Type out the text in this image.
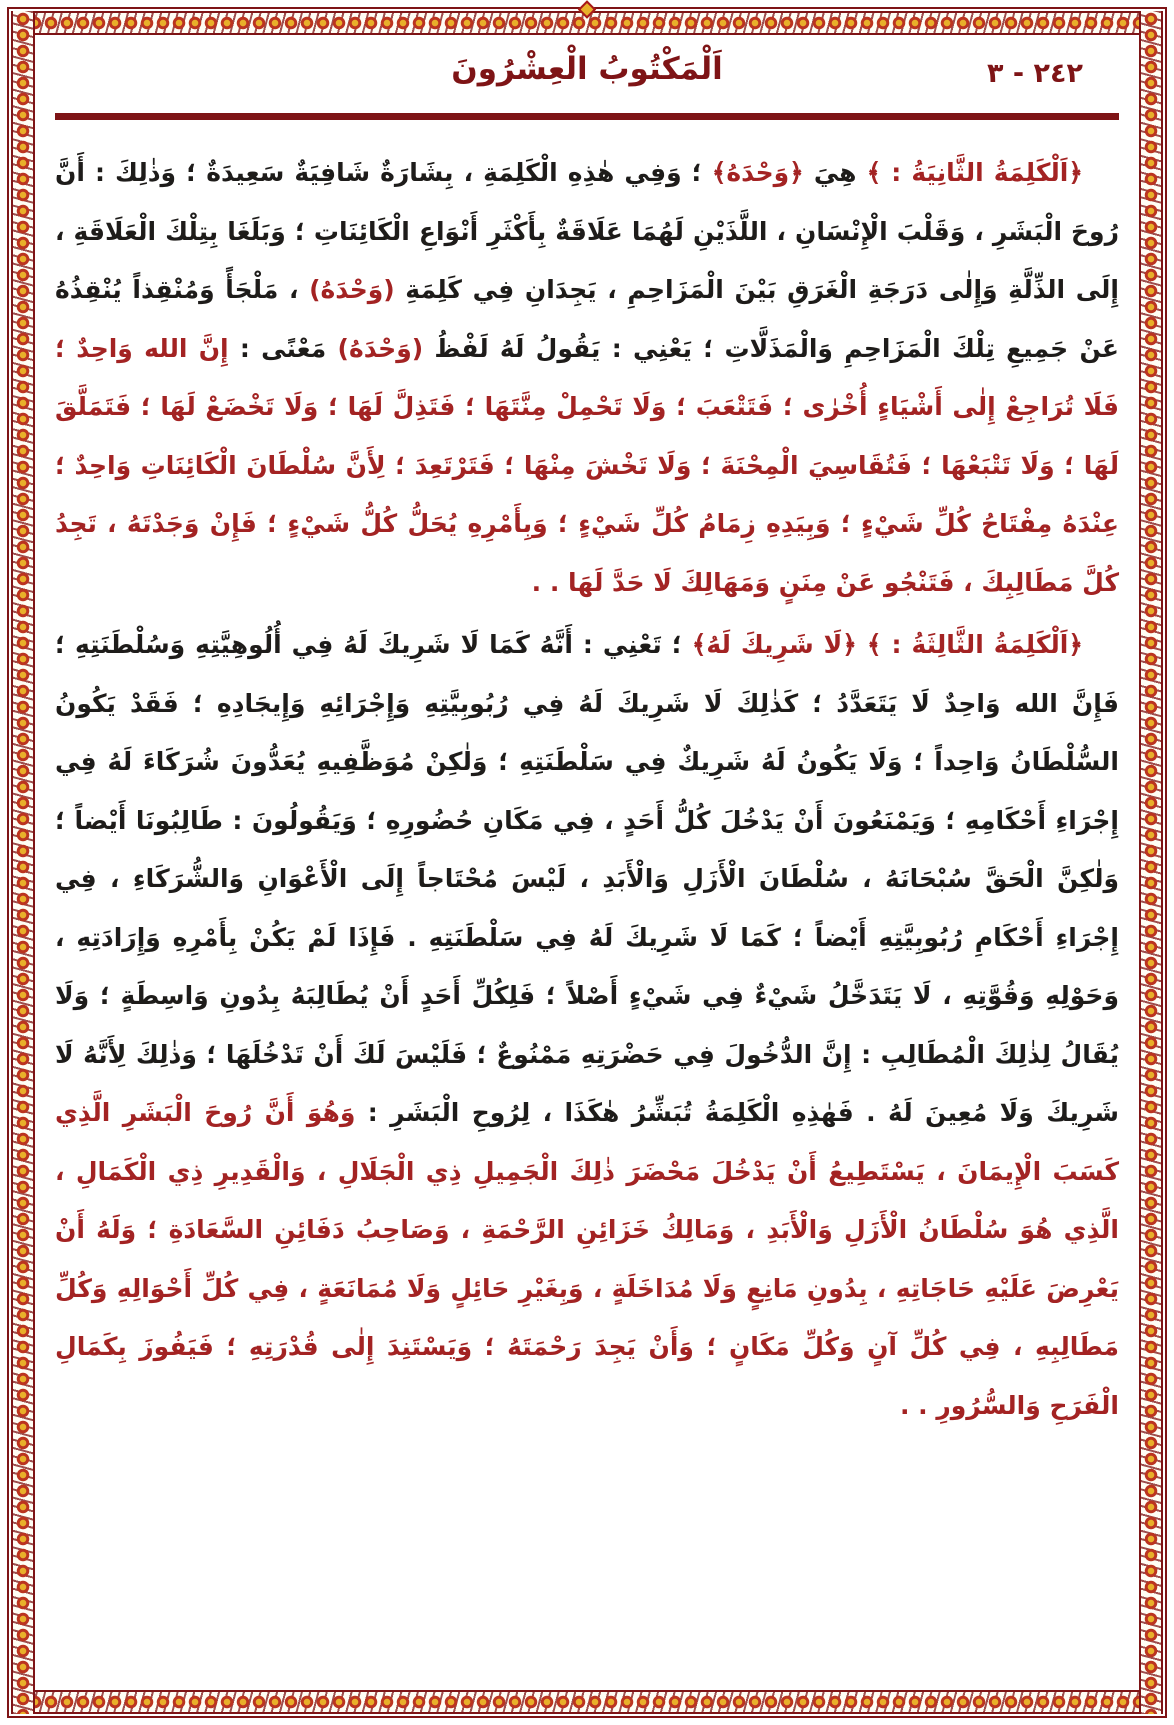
اَلْمَكْتُوبُ الْعِشْرُونَ	٢٤٢ - ٣

﴿اَلْكَلِمَةُ الثَّانِيَةُ : ﴾ هِيَ ﴿وَحْدَهُ﴾ ؛ وَفِي هٰذِهِ الْكَلِمَةِ ، بِشَارَةٌ شَافِيَةٌ سَعِيدَةٌ ؛ وَذٰلِكَ : أَنَّ رُوحَ الْبَشَرِ ، وَقَلْبَ الْإِنْسَانِ ، اللَّذَيْنِ لَهُمَا عَلَاقَةٌ بِأَكْثَرِ أَنْوَاعِ الْكَائِنَاتِ ؛ وَبَلَغَا بِتِلْكَ الْعَلَاقَةِ ، إِلَى الذِّلَّةِ وَإِلٰى دَرَجَةِ الْغَرَقِ بَيْنَ الْمَزَاحِمِ ، يَجِدَانِ فِي كَلِمَةِ (وَحْدَهُ) ، مَلْجَأً وَمُنْقِذاً يُنْقِذُهُ عَنْ جَمِيعِ تِلْكَ الْمَزَاحِمِ وَالْمَذَلَّاتِ ؛ يَعْنِي : يَقُولُ لَهُ لَفْظُ (وَحْدَهُ) مَعْنًى : إِنَّ الله وَاحِدٌ ؛ فَلَا تُرَاجِعْ إِلٰى أَشْيَاءٍ أُخْرٰى ؛ فَتَتْعَبَ ؛ وَلَا تَحْمِلْ مِنَّتَهَا ؛ فَتَذِلَّ لَهَا ؛ وَلَا تَخْضَعْ لَهَا ؛ فَتَمَلَّقَ لَهَا ؛ وَلَا تَتْبَعْهَا ؛ فَتُقَاسِيَ الْمِحْنَةَ ؛ وَلَا تَخْشَ مِنْهَا ؛ فَتَرْتَعِدَ ؛ لِأَنَّ سُلْطَانَ الْكَائِنَاتِ وَاحِدٌ ؛ عِنْدَهُ مِفْتَاحُ كُلِّ شَيْءٍ ؛ وَبِيَدِهِ زِمَامُ كُلِّ شَيْءٍ ؛ وَبِأَمْرِهِ يُحَلُّ كُلُّ شَيْءٍ ؛ فَإِنْ وَجَدْتَهُ ، تَجِدُ كُلَّ مَطَالِبِكَ ، فَتَنْجُو عَنْ مِنَنٍ وَمَهَالِكَ لَا حَدَّ لَهَا . .

﴿اَلْكَلِمَةُ الثَّالِثَةُ : ﴾ ﴿لَا شَرِيكَ لَهُ﴾ ؛ تَعْنِي : أَنَّهُ كَمَا لَا شَرِيكَ لَهُ فِي أُلُوهِيَّتِهِ وَسُلْطَنَتِهِ ؛ فَإِنَّ الله وَاحِدٌ لَا يَتَعَدَّدُ ؛ كَذٰلِكَ لَا شَرِيكَ لَهُ فِي رُبُوبِيَّتِهِ وَإِجْرَائِهِ وَإِيجَادِهِ ؛ فَقَدْ يَكُونُ السُّلْطَانُ وَاحِداً ؛ وَلَا يَكُونُ لَهُ شَرِيكٌ فِي سَلْطَنَتِهِ ؛ وَلٰكِنْ مُوَظَّفِيهِ يُعَدُّونَ شُرَكَاءَ لَهُ فِي إِجْرَاءِ أَحْكَامِهِ ؛ وَيَمْنَعُونَ أَنْ يَدْخُلَ كُلُّ أَحَدٍ ، فِي مَكَانِ حُضُورِهِ ؛ وَيَقُولُونَ : طَالِبُونَا أَيْضاً ؛ وَلٰكِنَّ الْحَقَّ سُبْحَانَهُ ، سُلْطَانَ الْأَزَلِ وَالْأَبَدِ ، لَيْسَ مُحْتَاجاً إِلَى الْأَعْوَانِ وَالشُّرَكَاءِ ، فِي إِجْرَاءِ أَحْكَامِ رُبُوبِيَّتِهِ أَيْضاً ؛ كَمَا لَا شَرِيكَ لَهُ فِي سَلْطَنَتِهِ . فَإِذَا لَمْ يَكُنْ بِأَمْرِهِ وَإِرَادَتِهِ ، وَحَوْلِهِ وَقُوَّتِهِ ، لَا يَتَدَخَّلُ شَيْءٌ فِي شَيْءٍ أَصْلاً ؛ فَلِكُلِّ أَحَدٍ أَنْ يُطَالِبَهُ بِدُونِ وَاسِطَةٍ ؛ وَلَا يُقَالُ لِذٰلِكَ الْمُطَالِبِ : إِنَّ الدُّخُولَ فِي حَضْرَتِهِ مَمْنُوعٌ ؛ فَلَيْسَ لَكَ أَنْ تَدْخُلَهَا ؛ وَذٰلِكَ لِأَنَّهُ لَا شَرِيكَ وَلَا مُعِينَ لَهُ . فَهٰذِهِ الْكَلِمَةُ تُبَشِّرُ هٰكَذَا ، لِرُوحِ الْبَشَرِ : وَهُوَ أَنَّ رُوحَ الْبَشَرِ الَّذِي كَسَبَ الْإِيمَانَ ، يَسْتَطِيعُ أَنْ يَدْخُلَ مَحْضَرَ ذٰلِكَ الْجَمِيلِ ذِي الْجَلَالِ ، وَالْقَدِيرِ ذِي الْكَمَالِ ، الَّذِي هُوَ سُلْطَانُ الْأَزَلِ وَالْأَبَدِ ، وَمَالِكُ خَزَائِنِ الرَّحْمَةِ ، وَصَاحِبُ دَفَائِنِ السَّعَادَةِ ؛ وَلَهُ أَنْ يَعْرِضَ عَلَيْهِ حَاجَاتِهِ ، بِدُونِ مَانِعٍ وَلَا مُدَاخَلَةٍ ، وَبِغَيْرِ حَائِلٍ وَلَا مُمَانَعَةٍ ، فِي كُلِّ أَحْوَالِهِ وَكُلِّ مَطَالِبِهِ ، فِي كُلِّ آنٍ وَكُلِّ مَكَانٍ ؛ وَأَنْ يَجِدَ رَحْمَتَهُ ؛ وَيَسْتَنِدَ إِلٰى قُدْرَتِهِ ؛ فَيَفُوزَ بِكَمَالِ الْفَرَحِ وَالسُّرُورِ . .
